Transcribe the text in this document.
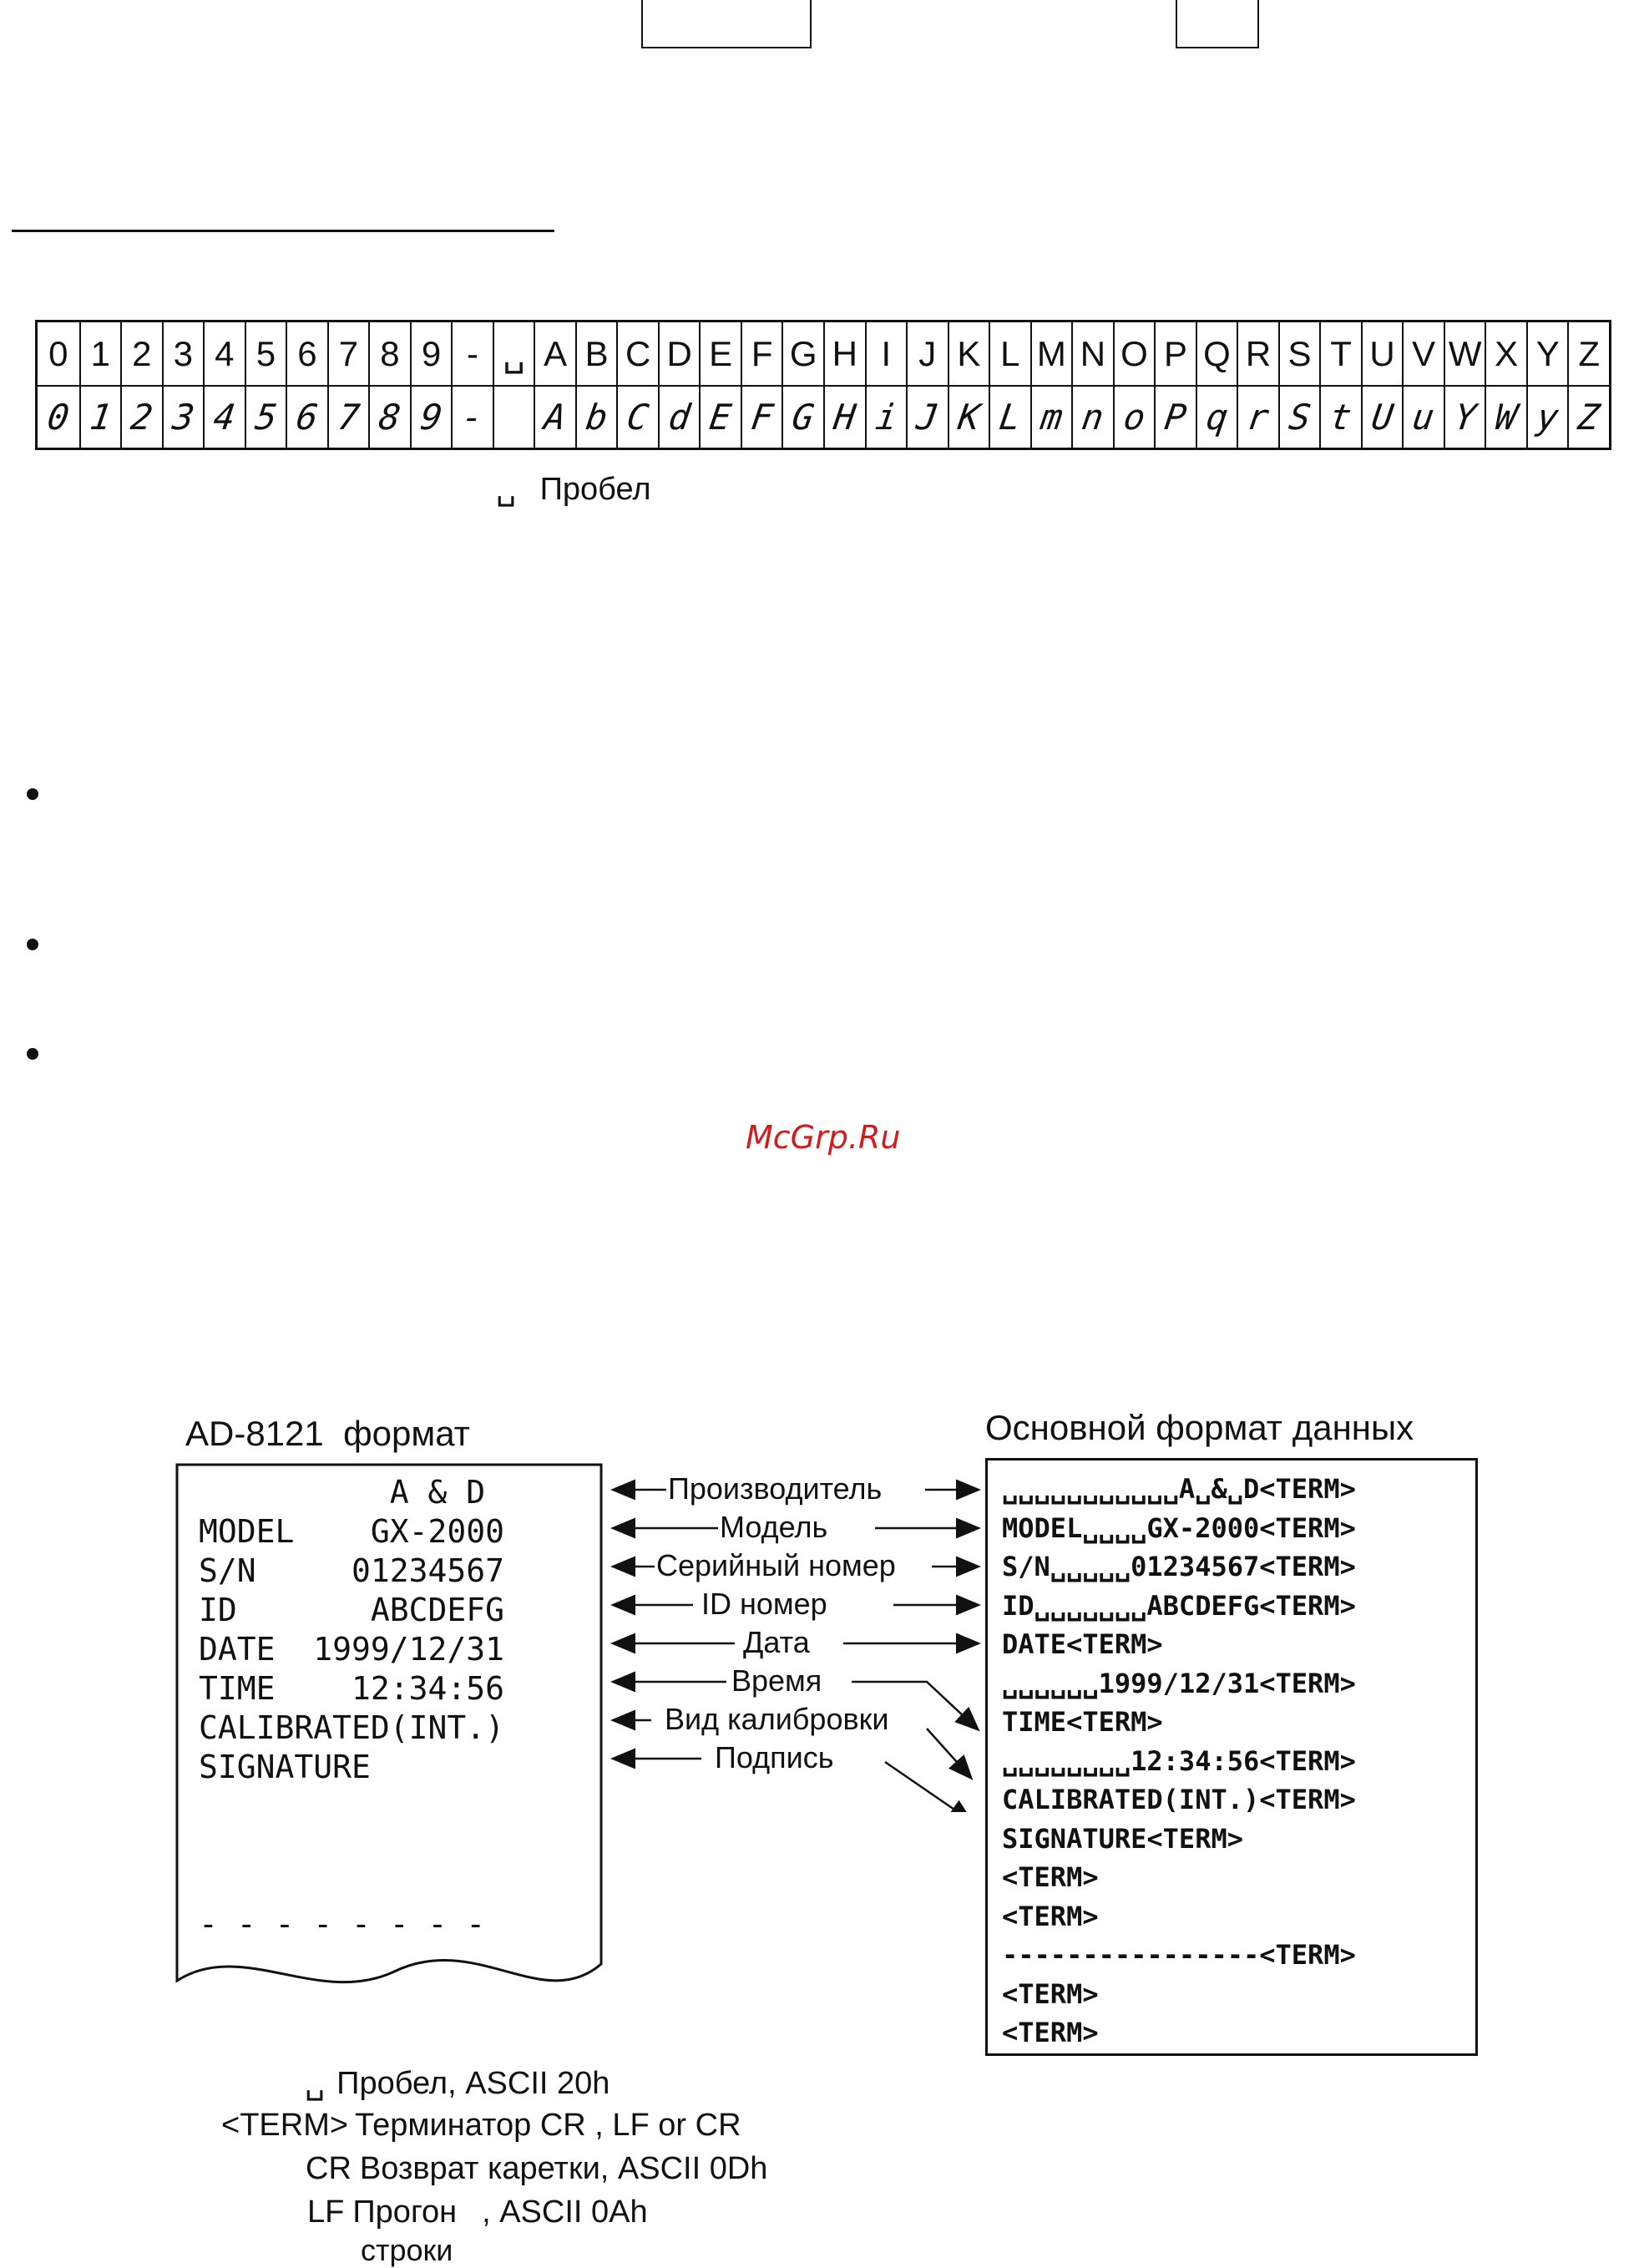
0
0
1
1
2
2
3
3
4
4
5
5
6
6
7
7
8
8
9
9
-
-
␣ A
A
B
b
C
C
D
d
E
E
F
F
G
G
H
H
I
i
J
J
K
K
L
L
M
m
N
n
O
o
P
P
Q
q
R
r
S
S
T
t
U
U
V
u
W
Y
X
W
Y
y
Z
Z
␣ Пробел
McGrp.Ru
AD-8121  формат	Основной формат данных
A & D
MODEL    GX-2000
S/N     01234567
ID       ABCDEFG
DATE  1999/12/31
TIME    12:34:56
CALIBRATED(INT.)
SIGNATURE
- - - - - - - -
␣␣␣␣␣␣␣␣␣␣␣A␣&␣D<TERM>
MODEL␣␣␣␣GX-2000<TERM>
S/N␣␣␣␣␣01234567<TERM>
ID␣␣␣␣␣␣␣ABCDEFG<TERM>
DATE<TERM>
␣␣␣␣␣␣1999/12/31<TERM>
TIME<TERM>
␣␣␣␣␣␣␣␣12:34:56<TERM>
CALIBRATED(INT.)<TERM>
SIGNATURE<TERM>
<TERM>
<TERM>
----------------<TERM>
<TERM>
<TERM>
Производитель
Модель
Серийный номер
ID номер
Дата
Время
Вид калибровки
Подпись
␣ Пробел, ASCII 20h
<TERM> Терминатор CR , LF or CR
CR Возврат каретки, ASCII 0Dh
LF Прогон , ASCII 0Ah
строки
